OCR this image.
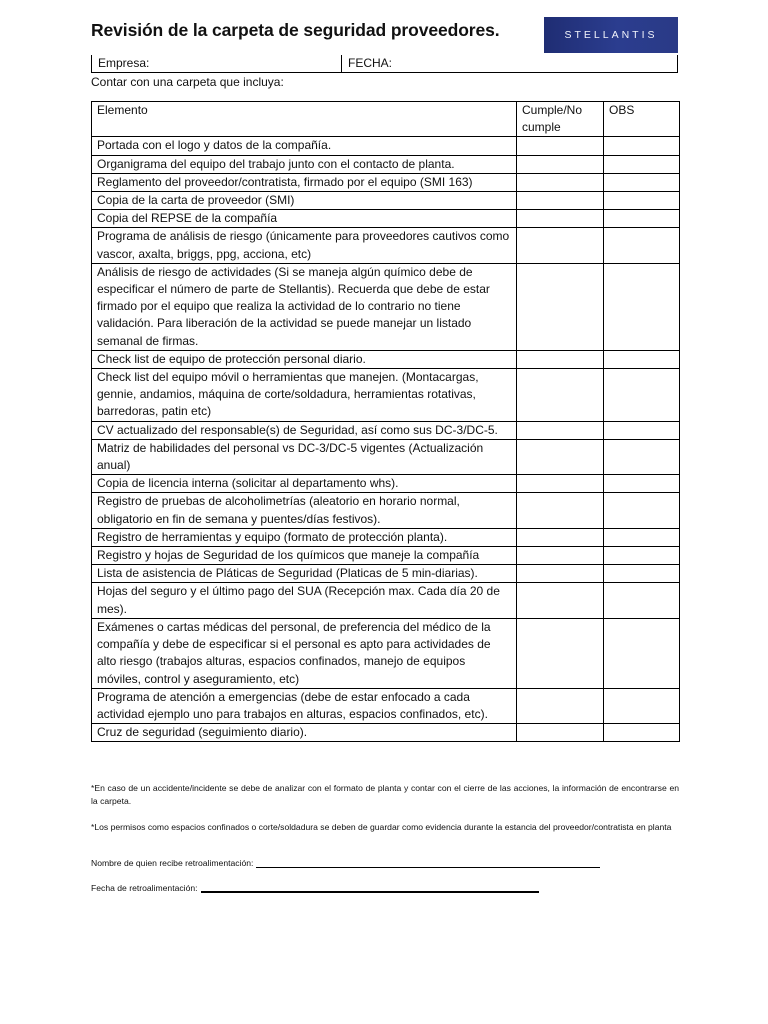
Revisión de la carpeta de seguridad proveedores.	STELLANTIS
Empresa:	FECHA:
Contar con una carpeta que incluya:
Elemento	Cumple/No cumple	OBS
Portada con el logo y datos de la compañía.		
Organigrama del equipo del trabajo junto con el contacto de planta.		
Reglamento del proveedor/contratista, firmado por el equipo (SMI 163)		
Copia de la carta de proveedor (SMI)		
Copia del REPSE de la compañía		
Programa de análisis de riesgo (únicamente para proveedores cautivos como vascor, axalta, briggs, ppg, acciona, etc)		
Análisis de riesgo de actividades (Si se maneja algún químico debe de especificar el número de parte de Stellantis). Recuerda que debe de estar firmado por el equipo que realiza la actividad de lo contrario no tiene validación. Para liberación de la actividad se puede manejar un listado semanal de firmas.		
Check list de equipo de protección personal diario.		
Check list del equipo móvil o herramientas que manejen. (Montacargas, gennie, andamios, máquina de corte/soldadura, herramientas rotativas, barredoras, patin etc)		
CV actualizado del responsable(s) de Seguridad, así como sus DC-3/DC-5.		
Matriz de habilidades del personal vs DC-3/DC-5 vigentes (Actualización anual)		
Copia de licencia interna (solicitar al departamento whs).		
Registro de pruebas de alcoholimetrías (aleatorio en horario normal, obligatorio en fin de semana y puentes/días festivos).		
Registro de herramientas y equipo (formato de protección planta).		
Registro y hojas de Seguridad de los químicos que maneje la compañía		
Lista de asistencia de Pláticas de Seguridad (Platicas de 5 min-diarias).		
Hojas del seguro y el último pago del SUA (Recepción max. Cada día 20 de mes).		
Exámenes o cartas médicas del personal, de preferencia del médico de la compañía y debe de especificar si el personal es apto para actividades de alto riesgo (trabajos alturas, espacios confinados, manejo de equipos móviles, control y aseguramiento, etc)		
Programa de atención a emergencias (debe de estar enfocado a cada actividad ejemplo uno para trabajos en alturas, espacios confinados, etc).		
Cruz de seguridad (seguimiento diario).		
*En caso de un accidente/incidente se debe de analizar con el formato de planta y contar con el cierre de las acciones, la información de encontrarse en la carpeta.
*Los permisos como espacios confinados o corte/soldadura se deben de guardar como evidencia durante la estancia del proveedor/contratista en planta
Nombre de quien recibe retroalimentación:
Fecha de retroalimentación:
